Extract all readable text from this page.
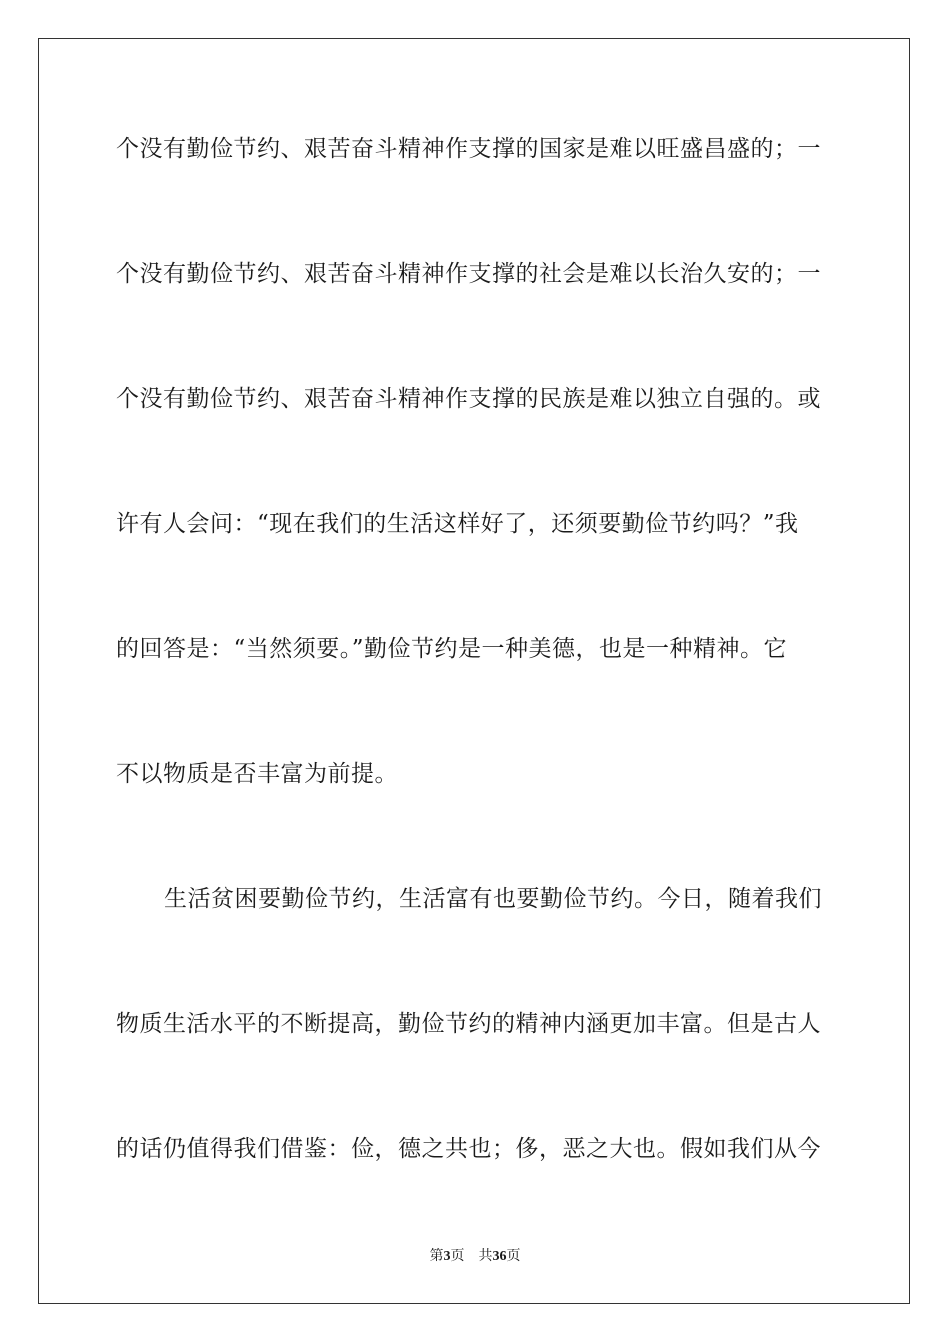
个没有勤俭节约、艰苦奋斗精神作支撑的国家是难以旺盛昌盛的；一
个没有勤俭节约、艰苦奋斗精神作支撑的社会是难以长治久安的；一
个没有勤俭节约、艰苦奋斗精神作支撑的民族是难以独立自强的。或
许有人会问：“现在我们的生活这样好了，还须要勤俭节约吗？”我
的回答是：“当然须要。”勤俭节约是一种美德，也是一种精神。它
不以物质是否丰富为前提。
生活贫困要勤俭节约，生活富有也要勤俭节约。今日，随着我们
物质生活水平的不断提高，勤俭节约的精神内涵更加丰富。但是古人
的话仍值得我们借鉴：俭，德之共也；侈，恶之大也。假如我们从今
第3页 共36页
